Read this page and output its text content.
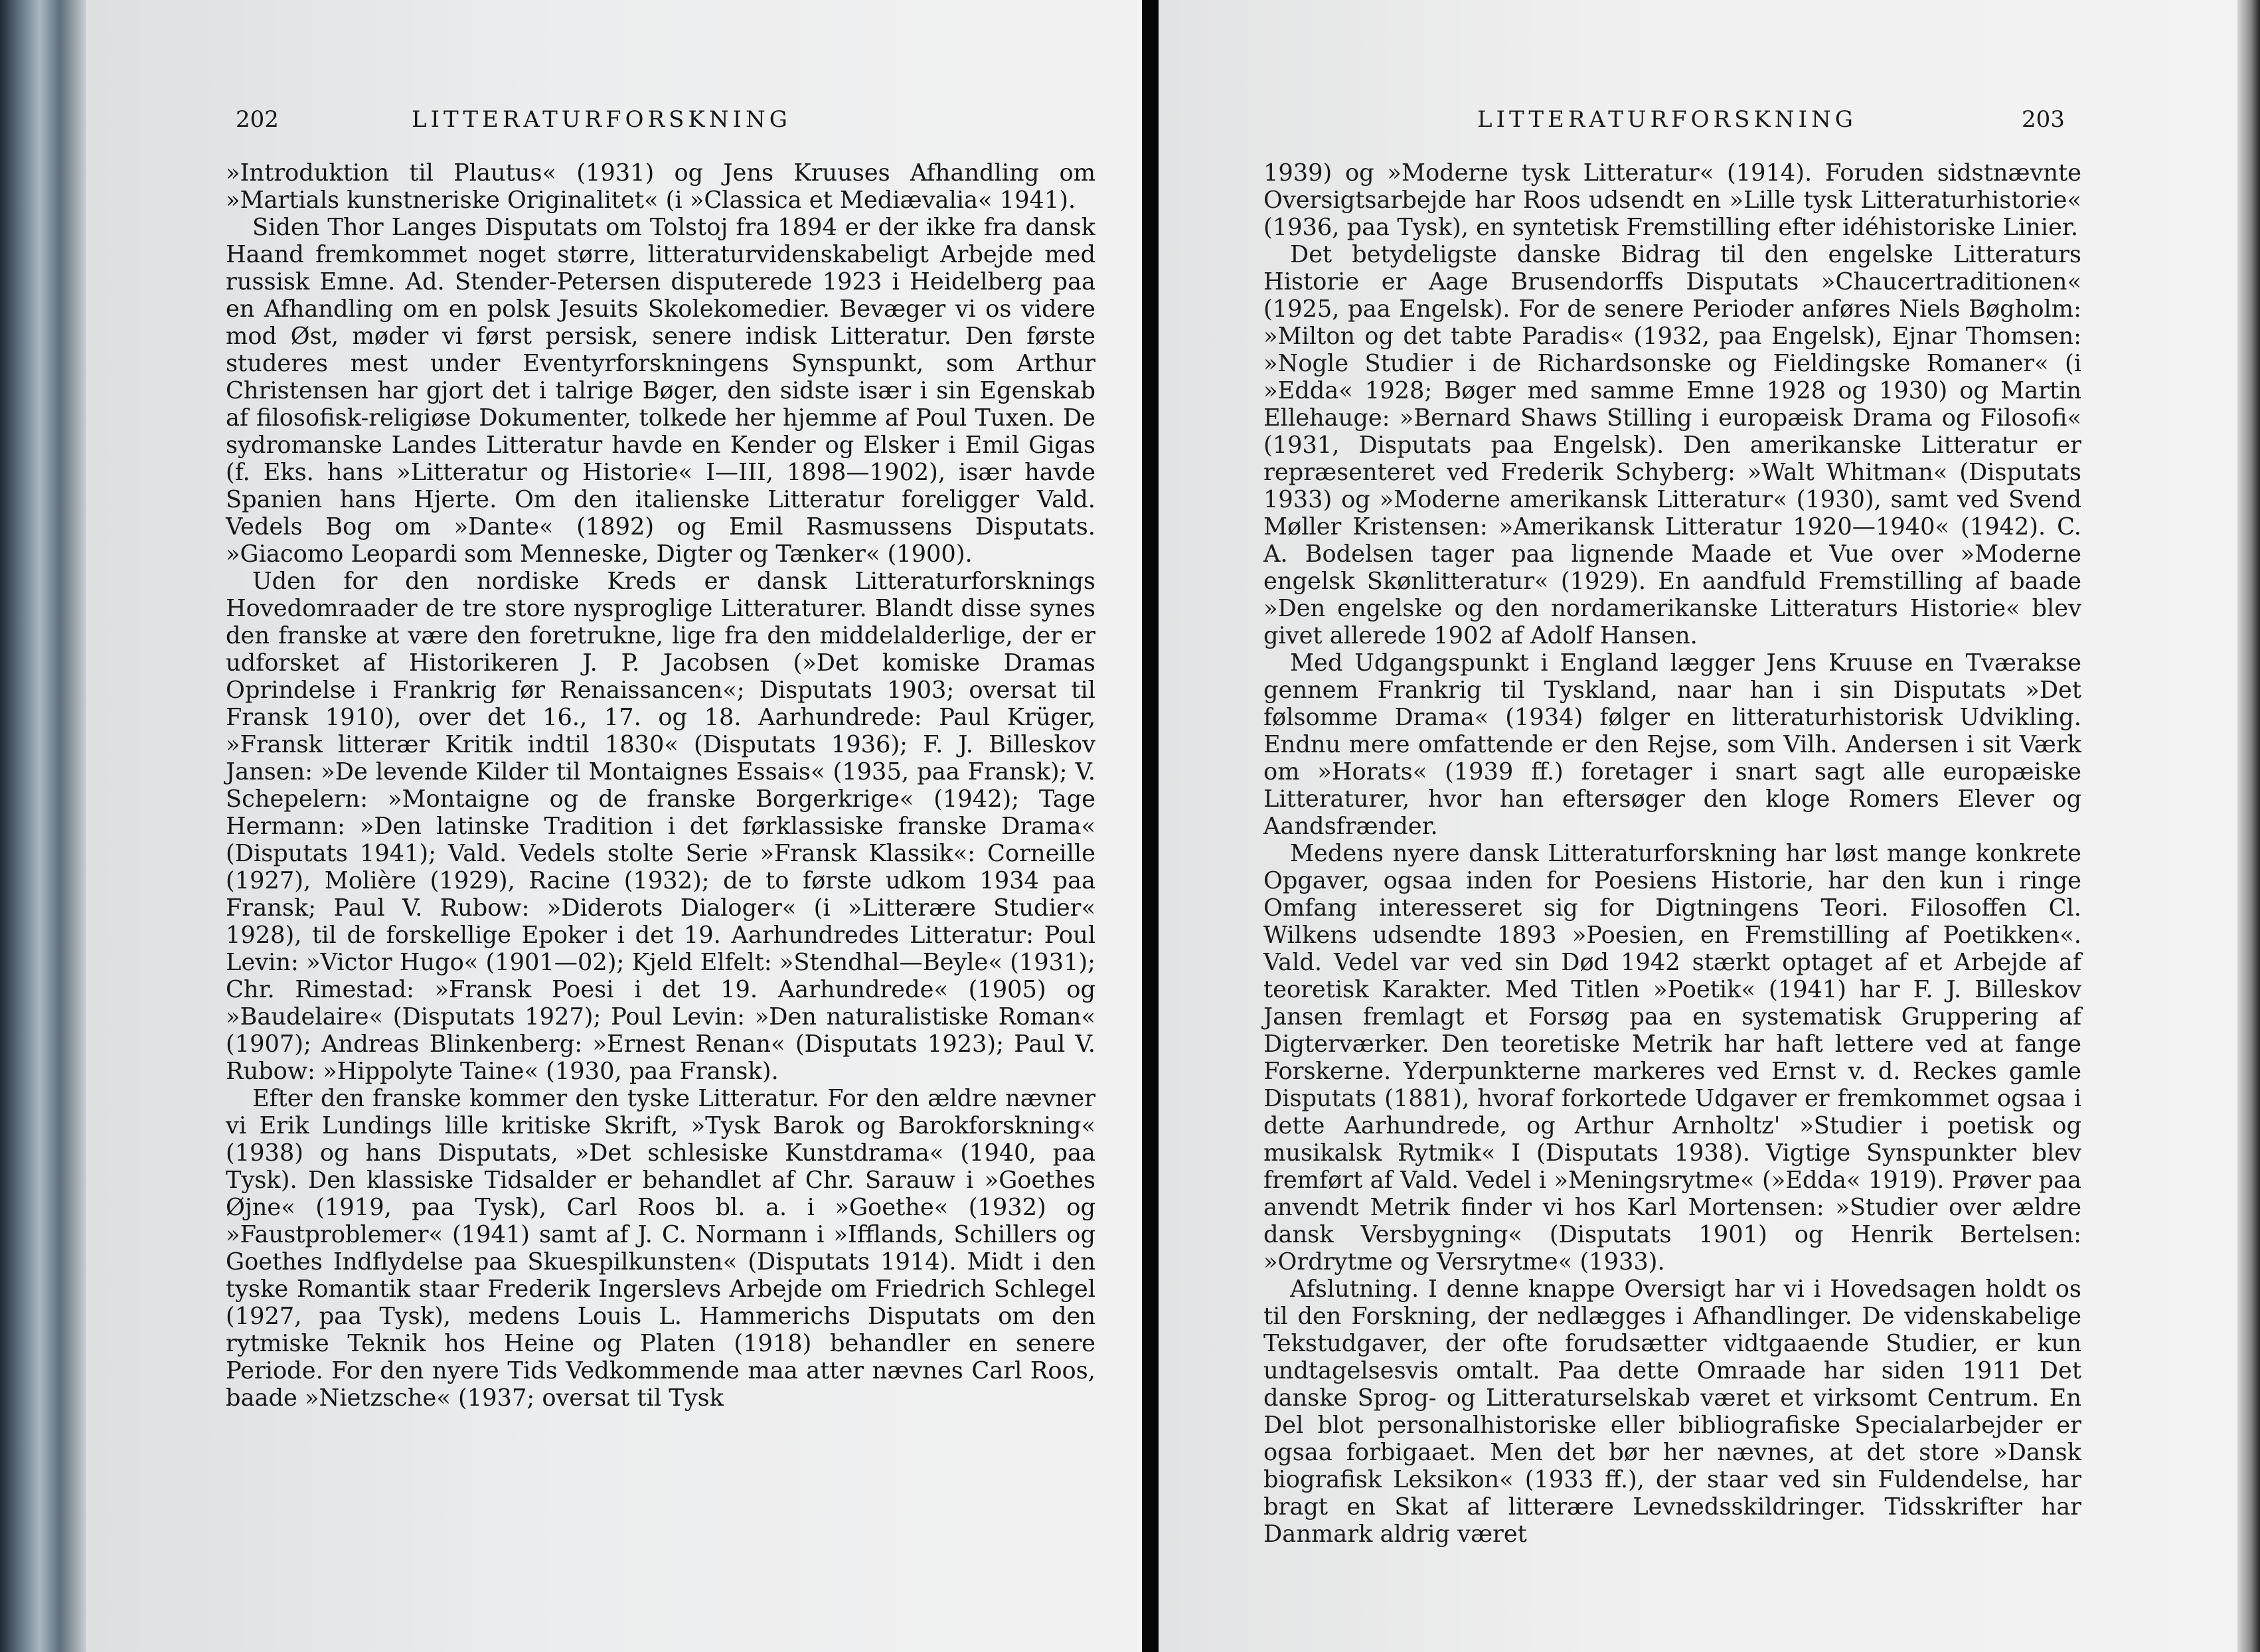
202	LITTERATURFORSKNING

»Introduktion til Plautus« (1931) og Jens Kruuses Afhandling om »Martials kunstneriske Originalitet« (i »Classica et Mediævalia« 1941).

Siden Thor Langes Disputats om Tolstoj fra 1894 er der ikke fra dansk Haand fremkommet noget større, litteraturvidenskabeligt Arbejde med russisk Emne. Ad. Stender-Petersen disputerede 1923 i Heidelberg paa en Afhandling om en polsk Jesuits Skolekomedier. Bevæger vi os videre mod Øst, møder vi først persisk, senere indisk Litteratur. Den første studeres mest under Eventyrforskningens Synspunkt, som Arthur Christensen har gjort det i talrige Bøger, den sidste især i sin Egenskab af filosofisk-religiøse Dokumenter, tolkede her hjemme af Poul Tuxen. De sydromanske Landes Litteratur havde en Kender og Elsker i Emil Gigas (f. Eks. hans »Litteratur og Historie« I—III, 1898—1902), især havde Spanien hans Hjerte. Om den italienske Litteratur foreligger Vald. Vedels Bog om »Dante« (1892) og Emil Rasmussens Disputats. »Giacomo Leopardi som Menneske, Digter og Tænker« (1900).

Uden for den nordiske Kreds er dansk Litteraturforsknings Hovedomraader de tre store nysproglige Litteraturer. Blandt disse synes den franske at være den foretrukne, lige fra den middelalderlige, der er udforsket af Historikeren J. P. Jacobsen (»Det komiske Dramas Oprindelse i Frankrig før Renaissancen«; Disputats 1903; oversat til Fransk 1910), over det 16., 17. og 18. Aarhundrede: Paul Krüger, »Fransk litterær Kritik indtil 1830« (Disputats 1936); F. J. Billeskov Jansen: »De levende Kilder til Montaignes Essais« (1935, paa Fransk); V. Schepelern: »Montaigne og de franske Borgerkrige« (1942); Tage Hermann: »Den latinske Tradition i det førklassiske franske Drama« (Disputats 1941); Vald. Vedels stolte Serie »Fransk Klassik«: Corneille (1927), Molière (1929), Racine (1932); de to første udkom 1934 paa Fransk; Paul V. Rubow: »Diderots Dialoger« (i »Litterære Studier« 1928), til de forskellige Epoker i det 19. Aarhundredes Litteratur: Poul Levin: »Victor Hugo« (1901—02); Kjeld Elfelt: »Stendhal—Beyle« (1931); Chr. Rimestad: »Fransk Poesi i det 19. Aarhundrede« (1905) og »Baudelaire« (Disputats 1927); Poul Levin: »Den naturalistiske Roman« (1907); Andreas Blinkenberg: »Ernest Renan« (Disputats 1923); Paul V. Rubow: »Hippolyte Taine« (1930, paa Fransk).

Efter den franske kommer den tyske Litteratur. For den ældre nævner vi Erik Lundings lille kritiske Skrift, »Tysk Barok og Barokforskning« (1938) og hans Disputats, »Det schlesiske Kunstdrama« (1940, paa Tysk). Den klassiske Tidsalder er behandlet af Chr. Sarauw i »Goethes Øjne« (1919, paa Tysk), Carl Roos bl. a. i »Goethe« (1932) og »Faustproblemer« (1941) samt af J. C. Normann i »Ifflands, Schillers og Goethes Indflydelse paa Skuespilkunsten« (Disputats 1914). Midt i den tyske Romantik staar Frederik Ingerslevs Arbejde om Friedrich Schlegel (1927, paa Tysk), medens Louis L. Hammerichs Disputats om den rytmiske Teknik hos Heine og Platen (1918) behandler en senere Periode. For den nyere Tids Vedkommende maa atter nævnes Carl Roos, baade »Nietzsche« (1937; oversat til Tysk

LITTERATURFORSKNING	203

1939) og »Moderne tysk Litteratur« (1914). Foruden sidstnævnte Oversigtsarbejde har Roos udsendt en »Lille tysk Litteraturhistorie« (1936, paa Tysk), en syntetisk Fremstilling efter idéhistoriske Linier.

Det betydeligste danske Bidrag til den engelske Litteraturs Historie er Aage Brusendorffs Disputats »Chaucertraditionen« (1925, paa Engelsk). For de senere Perioder anføres Niels Bøgholm: »Milton og det tabte Paradis« (1932, paa Engelsk), Ejnar Thomsen: »Nogle Studier i de Richardsonske og Fieldingske Romaner« (i »Edda« 1928; Bøger med samme Emne 1928 og 1930) og Martin Ellehauge: »Bernard Shaws Stilling i europæisk Drama og Filosofi« (1931, Disputats paa Engelsk). Den amerikanske Litteratur er repræsenteret ved Frederik Schyberg: »Walt Whitman« (Disputats 1933) og »Moderne amerikansk Litteratur« (1930), samt ved Svend Møller Kristensen: »Amerikansk Litteratur 1920—1940« (1942). C. A. Bodelsen tager paa lignende Maade et Vue over »Moderne engelsk Skønlitteratur« (1929). En aandfuld Fremstilling af baade »Den engelske og den nordamerikanske Litteraturs Historie« blev givet allerede 1902 af Adolf Hansen.

Med Udgangspunkt i England lægger Jens Kruuse en Tværakse gennem Frankrig til Tyskland, naar han i sin Disputats »Det følsomme Drama« (1934) følger en litteraturhistorisk Udvikling. Endnu mere omfattende er den Rejse, som Vilh. Andersen i sit Værk om »Horats« (1939 ff.) foretager i snart sagt alle europæiske Litteraturer, hvor han eftersøger den kloge Romers Elever og Aandsfrænder.

Medens nyere dansk Litteraturforskning har løst mange konkrete Opgaver, ogsaa inden for Poesiens Historie, har den kun i ringe Omfang interesseret sig for Digtningens Teori. Filosoffen Cl. Wilkens udsendte 1893 »Poesien, en Fremstilling af Poetikken«. Vald. Vedel var ved sin Død 1942 stærkt optaget af et Arbejde af teoretisk Karakter. Med Titlen »Poetik« (1941) har F. J. Billeskov Jansen fremlagt et Forsøg paa en systematisk Gruppering af Digterværker. Den teoretiske Metrik har haft lettere ved at fange Forskerne. Yderpunkterne markeres ved Ernst v. d. Reckes gamle Disputats (1881), hvoraf forkortede Udgaver er fremkommet ogsaa i dette Aarhundrede, og Arthur Arnholtz' »Studier i poetisk og musikalsk Rytmik« I (Disputats 1938). Vigtige Synspunkter blev fremført af Vald. Vedel i »Meningsrytme« (»Edda« 1919). Prøver paa anvendt Metrik finder vi hos Karl Mortensen: »Studier over ældre dansk Versbygning« (Disputats 1901) og Henrik Bertelsen: »Ordrytme og Versrytme« (1933).

Afslutning. I denne knappe Oversigt har vi i Hovedsagen holdt os til den Forskning, der nedlægges i Afhandlinger. De videnskabelige Tekstudgaver, der ofte forudsætter vidtgaaende Studier, er kun undtagelsesvis omtalt. Paa dette Omraade har siden 1911 Det danske Sprog- og Litteraturselskab været et virksomt Centrum. En Del blot personalhistoriske eller bibliografiske Specialarbejder er ogsaa forbigaaet. Men det bør her nævnes, at det store »Dansk biografisk Leksikon« (1933 ff.), der staar ved sin Fuldendelse, har bragt en Skat af litterære Levnedsskildringer. Tidsskrifter har Danmark aldrig været
